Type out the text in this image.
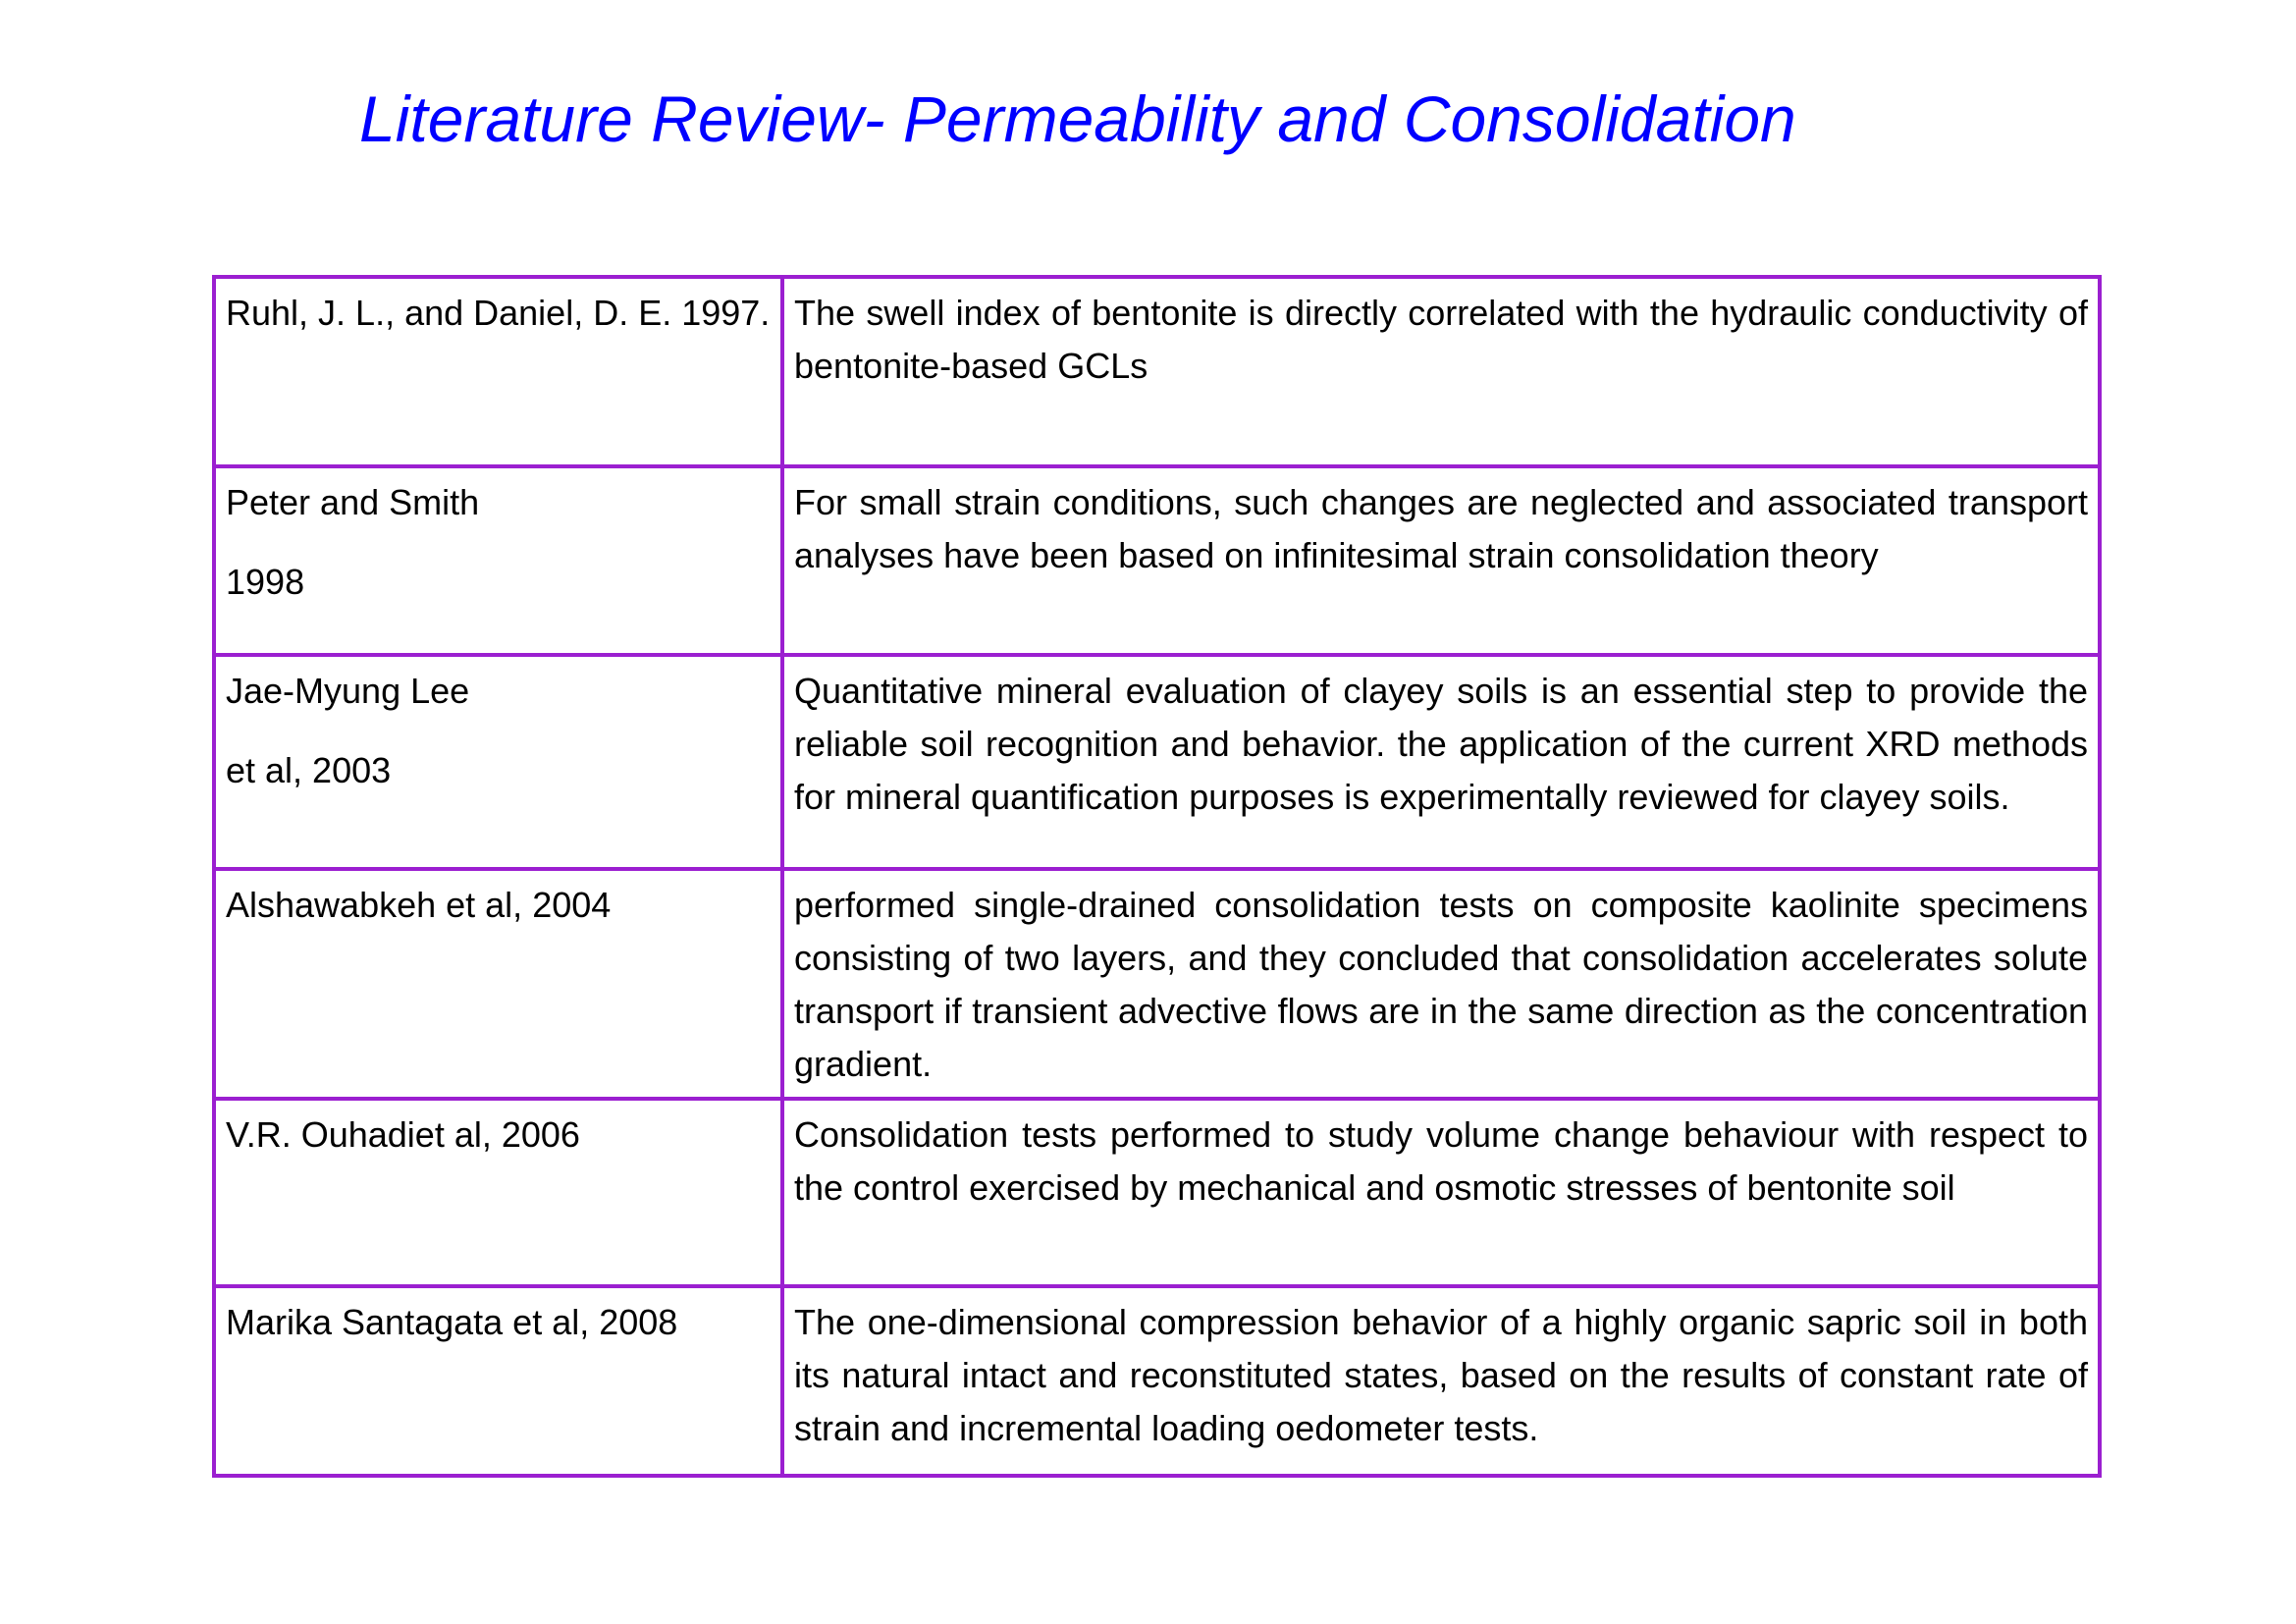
Literature Review- Permeability and Consolidation
Ruhl, J. L., and Daniel, D. E. 1997.	The swell index of bentonite is directly correlated with the hydraulic conductivity of bentonite-based GCLs

Peter and Smith
1998	For small strain conditions, such changes are neglected and associated transport analyses have been based on infinitesimal strain consolidation theory

Jae-Myung Lee
et al, 2003	Quantitative mineral evaluation of clayey soils is an essential step to provide the reliable soil recognition and behavior. the application of the current XRD methods for mineral quantification purposes is experimentally reviewed for clayey soils.

Alshawabkeh et al, 2004	performed single-drained consolidation tests on composite kaolinite specimens consisting of two layers, and they concluded that consolidation accelerates solute transport if transient advective flows are in the same direction as the concentration gradient.

V.R. Ouhadiet al, 2006	Consolidation tests performed to study volume change behaviour with respect to the control exercised by mechanical and osmotic stresses of bentonite soil

Marika Santagata et al, 2008	The one-dimensional compression behavior of a highly organic sapric soil in both its natural intact and reconstituted states, based on the results of constant rate of strain and incremental loading oedometer tests.
